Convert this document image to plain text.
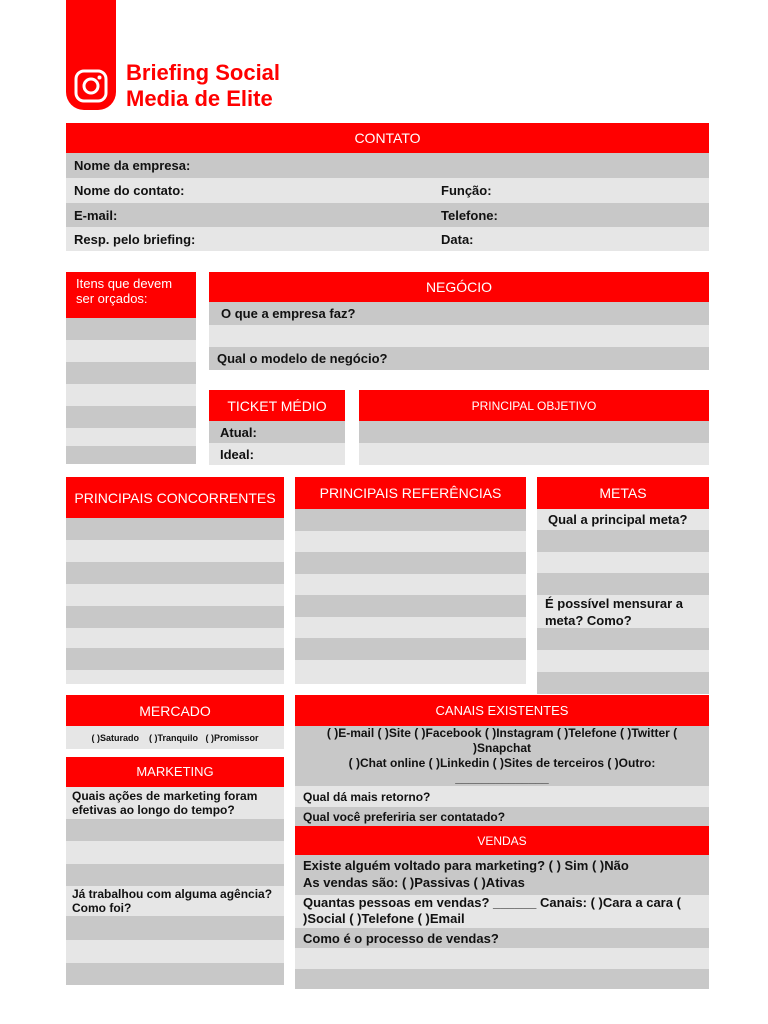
Briefing Social
Media de Elite
CONTATO
Nome da empresa:
Nome do contato:	Função:
E-mail:	Telefone:
Resp. pelo briefing:	Data:
Itens que devem ser orçados:
NEGÓCIO
O que a empresa faz?
Qual o modelo de negócio?
TICKET MÉDIO
Atual:
Ideal:
PRINCIPAL OBJETIVO
PRINCIPAIS CONCORRENTES	PRINCIPAIS REFERÊNCIAS	METAS
Qual a principal meta?
É possível mensurar a meta? Como?
MERCADO
( )Saturado    ( )Tranquilo   ( )Promissor
MARKETING
Quais ações de marketing foram efetivas ao longo do tempo?
Já trabalhou com alguma agência? Como foi?
CANAIS EXISTENTES
( )E-mail ( )Site ( )Facebook ( )Instagram ( )Telefone ( )Twitter ( )Snapchat
( )Chat online ( )Linkedin ( )Sites de terceiros ( )Outro: ______________
Qual dá mais retorno?
Qual você preferiria ser contatado?
VENDAS
Existe alguém voltado para marketing? ( ) Sim ( )Não
As vendas são: ( )Passivas ( )Ativas
Quantas pessoas em vendas? ______ Canais: ( )Cara a cara ( )Social ( )Telefone ( )Email
Como é o processo de vendas?
